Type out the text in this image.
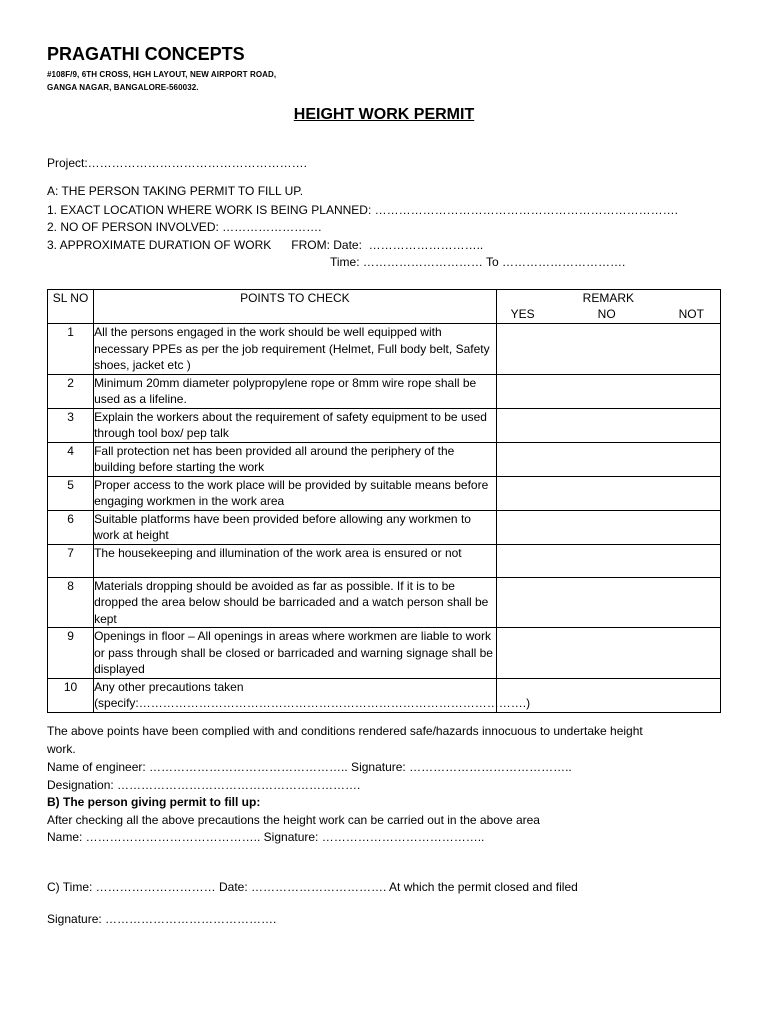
PRAGATHI CONCEPTS
#108F/9, 6TH CROSS, HGH LAYOUT, NEW AIRPORT ROAD,
GANGA NAGAR, BANGALORE-560032.
HEIGHT WORK PERMIT
Project:……………………………………………….
A: THE PERSON TAKING PERMIT TO FILL UP.
1. EXACT LOCATION WHERE WORK IS BEING PLANNED: ………………………………………………………………….
2. NO OF PERSON INVOLVED: …………………….
3. APPROXIMATE DURATION OF WORK      FROM: Date:  ………………………..
Time: ………………………… To ………………………….
SL NO	POINTS TO CHECK	REMARK
YES NO NOT

1	All the persons engaged in the work should be well equipped with necessary PPEs as per the job requirement (Helmet, Full body belt, Safety shoes, jacket etc )	
2	Minimum 20mm diameter polypropylene rope or 8mm wire rope shall be used as a lifeline.	
3	Explain the workers about the requirement of safety equipment to be used through tool box/ pep talk	
4	Fall protection net has been provided all around the periphery of the building before starting the work	
5	Proper access to the work place will be provided by suitable means before engaging workmen in the work area	
6	Suitable platforms have been provided before allowing any workmen to work at height	
7	The housekeeping and illumination of the work area is ensured or not	
8	Materials dropping should be avoided as far as possible. If it is to be dropped the area below should be barricaded and a watch person shall be kept	
9	Openings in floor – All openings in areas where workmen are liable to work or pass through shall be closed or barricaded and warning signage shall be displayed	
10	Any other precautions taken (specify:…………………………………………………………………………………….)	
The above points have been complied with and conditions rendered safe/hazards innocuous to undertake height
work.
Name of engineer: ………………………………………….. Signature: …………………………………..
Designation: …………………………………………………….
B) The person giving permit to fill up:
After checking all the above precautions the height work can be carried out in the above area
Name: …………………………………….. Signature: …………………………………..
C) Time: ………………………… Date: ……………………………. At which the permit closed and filed
Signature: …………………………………….
